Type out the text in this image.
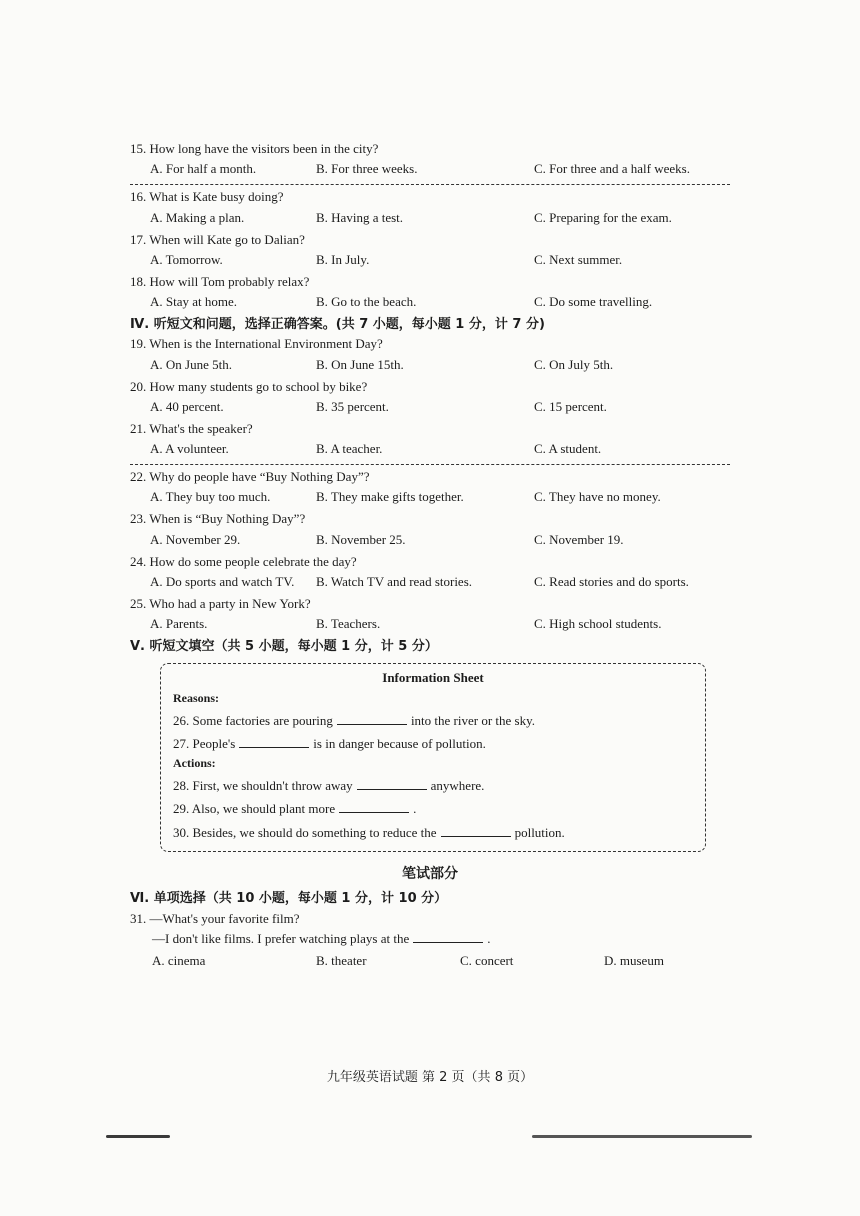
15. How long have the visitors been in the city?
A. For half a month.	B. For three weeks.	C. For three and a half weeks.
16. What is Kate busy doing?
A. Making a plan.	B. Having a test.	C. Preparing for the exam.
17. When will Kate go to Dalian?
A. Tomorrow.	B. In July.	C. Next summer.
18. How will Tom probably relax?
A. Stay at home.	B. Go to the beach.	C. Do some travelling.
Ⅳ. 听短文和问题，选择正确答案。(共 7 小题，每小题 1 分，计 7 分)
19. When is the International Environment Day?
A. On June 5th.	B. On June 15th.	C. On July 5th.
20. How many students go to school by bike?
A. 40 percent.	B. 35 percent.	C. 15 percent.
21. What's the speaker?
A. A volunteer.	B. A teacher.	C. A student.
22. Why do people have “Buy Nothing Day”?
A. They buy too much.	B. They make gifts together.	C. They have no money.
23. When is “Buy Nothing Day”?
A. November 29.	B. November 25.	C. November 19.
24. How do some people celebrate the day?
A. Do sports and watch TV. B. Watch TV and read stories.	C. Read stories and do sports.
25. Who had a party in New York?
A. Parents.	B. Teachers.	C. High school students.
Ⅴ. 听短文填空（共 5 小题，每小题 1 分，计 5 分）
Information Sheet
Reasons:
26. Some factories are pouring	into the river or the sky.
27. People's	is in danger because of pollution.
Actions:
28. First, we shouldn't throw away	anywhere.
29. Also, we should plant more	.
30. Besides, we should do something to reduce the	pollution.
笔试部分
Ⅵ. 单项选择（共 10 小题，每小题 1 分，计 10 分）
31. —What's your favorite film?
—I don't like films. I prefer watching plays at the	.
A. cinema	B. theater	C. concert	D. museum
九年级英语试题 第 2 页（共 8 页）
